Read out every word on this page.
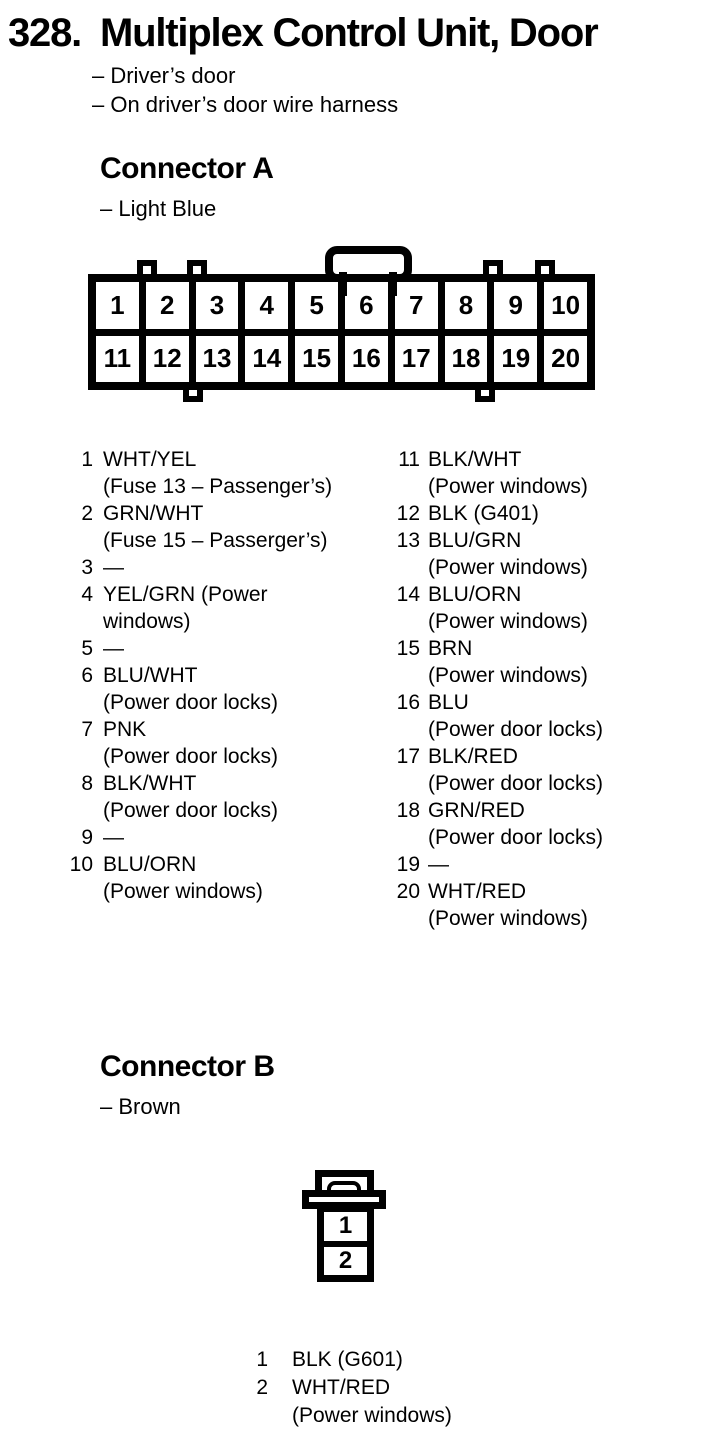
328. Multiplex Control Unit, Door
– Driver’s door
– On driver’s door wire harness
Connector A
– Light Blue
1	2	3	4	5	6	7	8	9	10
11 12 13 14 15 16 17 18 19 20
1 WHT/YEL
(Fuse 13 – Passenger’s)
2 GRN/WHT
(Fuse 15 – Passerger’s)
3 —
4 YEL/GRN (Power
windows)
5 —
6 BLU/WHT
(Power door locks)
7 PNK
(Power door locks)
8 BLK/WHT
(Power door locks)
9 —
10 BLU/ORN
(Power windows)
11 BLK/WHT
(Power windows)
12 BLK (G401)
13 BLU/GRN
(Power windows)
14 BLU/ORN
(Power windows)
15 BRN
(Power windows)
16 BLU
(Power door locks)
17 BLK/RED
(Power door locks)
18 GRN/RED
(Power door locks)
19 —
20 WHT/RED
(Power windows)
Connector B
– Brown
1
2
1 BLK (G601)
2 WHT/RED
(Power windows)
